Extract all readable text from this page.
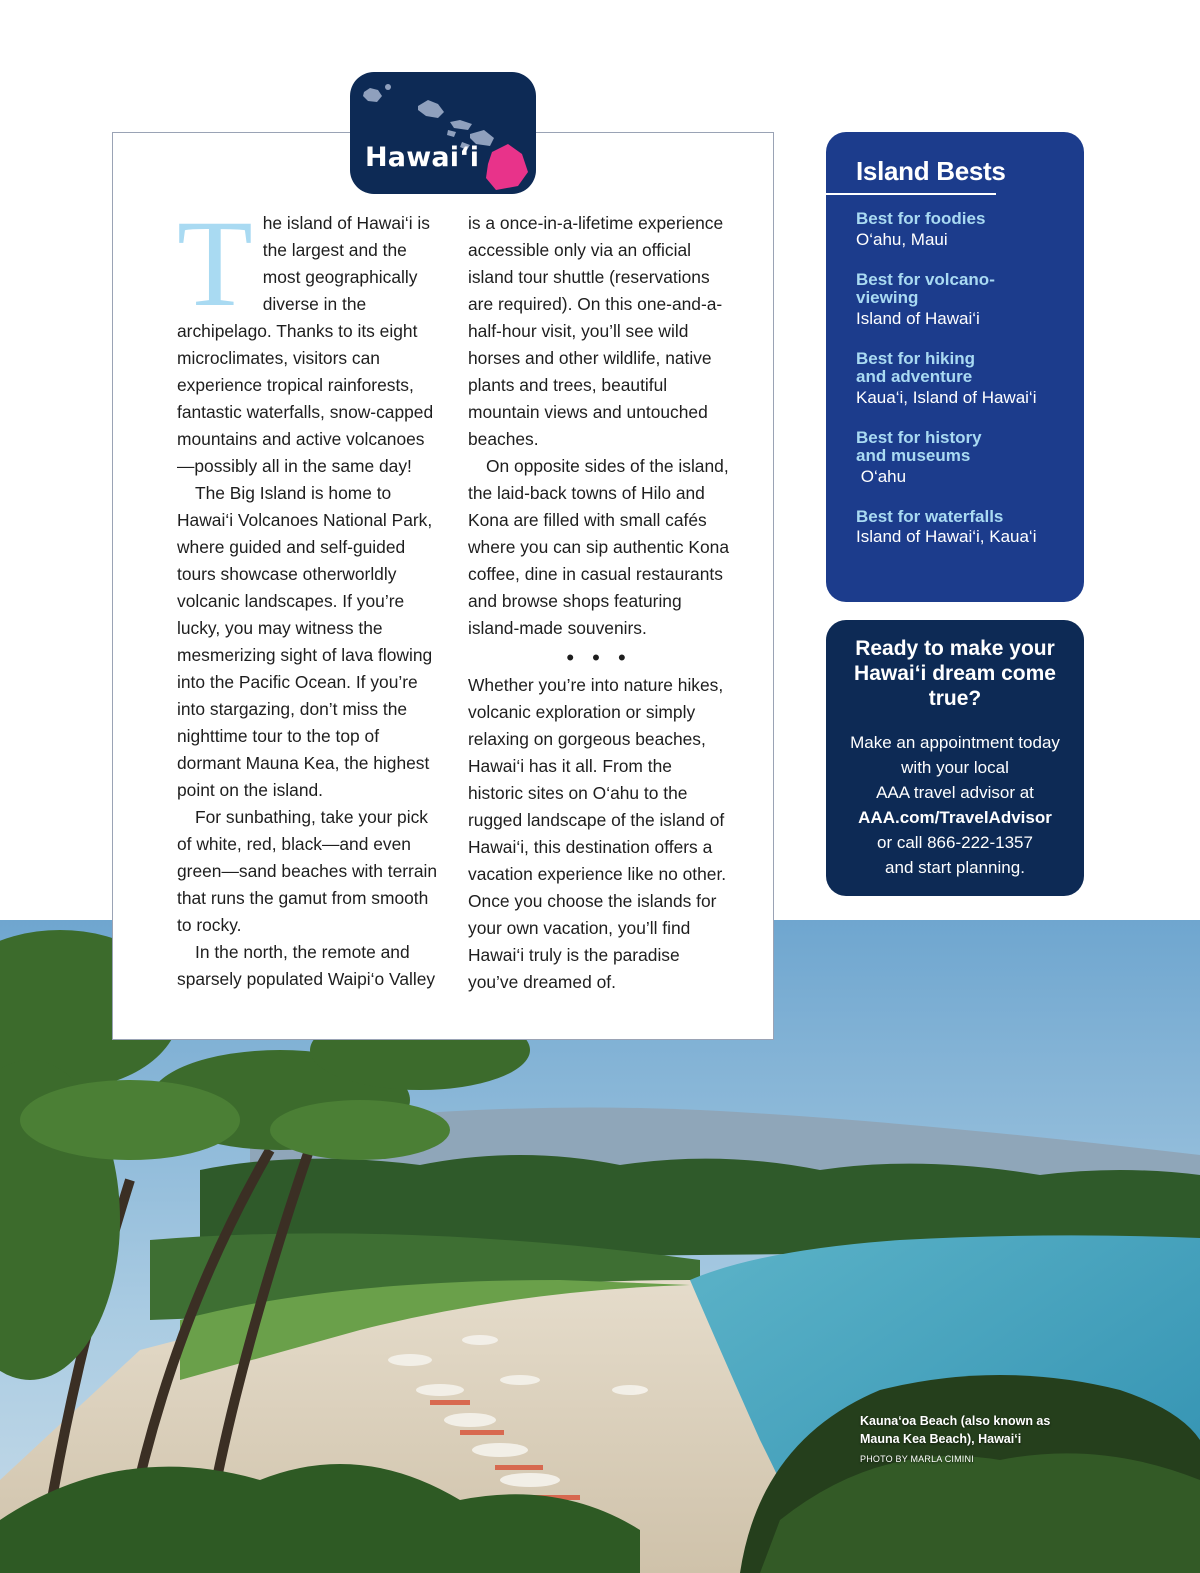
Kauna‘oa Beach (also known as Mauna Kea Beach), Hawai‘i
PHOTO BY MARLA CIMINI
Hawai‘i
T he island of Hawai‘i is the largest and the most geographically diverse in the archipelago. Thanks to its eight microclimates, visitors can experience tropical rainforests, fantastic waterfalls, snow-capped mountains and active volcanoes—possibly all in the same day!

The Big Island is home to Hawai‘i Volcanoes National Park, where guided and self-guided tours showcase otherworldly volcanic landscapes. If you’re lucky, you may witness the mesmerizing sight of lava flowing into the Pacific Ocean. If you’re into stargazing, don’t miss the nighttime tour to the top of dormant Mauna Kea, the highest point on the island.

For sunbathing, take your pick of white, red, black—and even green—sand beaches with terrain that runs the gamut from smooth to rocky.

In the north, the remote and sparsely populated Waipi‘o Valley

is a once-in-a-lifetime experience accessible only via an official island tour shuttle (reservations are required). On this one-and-a-half-hour visit, you’ll see wild horses and other wildlife, native plants and trees, beautiful mountain views and untouched beaches.

On opposite sides of the island, the laid-back towns of Hilo and Kona are filled with small cafés where you can sip authentic Kona coffee, dine in casual restaurants and browse shops featuring island-made souvenirs.

• • •

Whether you’re into nature hikes, volcanic exploration or simply relaxing on gorgeous beaches, Hawai‘i has it all. From the historic sites on O‘ahu to the rugged landscape of the island of Hawai‘i, this destination offers a vacation experience like no other. Once you choose the islands for your own vacation, you’ll find Hawai‘i truly is the paradise you’ve dreamed of.

Island Bests
Best for foodies
O‘ahu, Maui
Best for volcano-viewing
Island of Hawai‘i
Best for hiking and adventure
Kaua‘i, Island of Hawai‘i
Best for history and museums
O‘ahu
Best for waterfalls
Island of Hawai‘i, Kaua‘i
Ready to make your Hawai‘i dream come true?
Make an appointment today
with your local
AAA travel advisor at
AAA.com/TravelAdvisor
or call 866-222-1357
and start planning.
